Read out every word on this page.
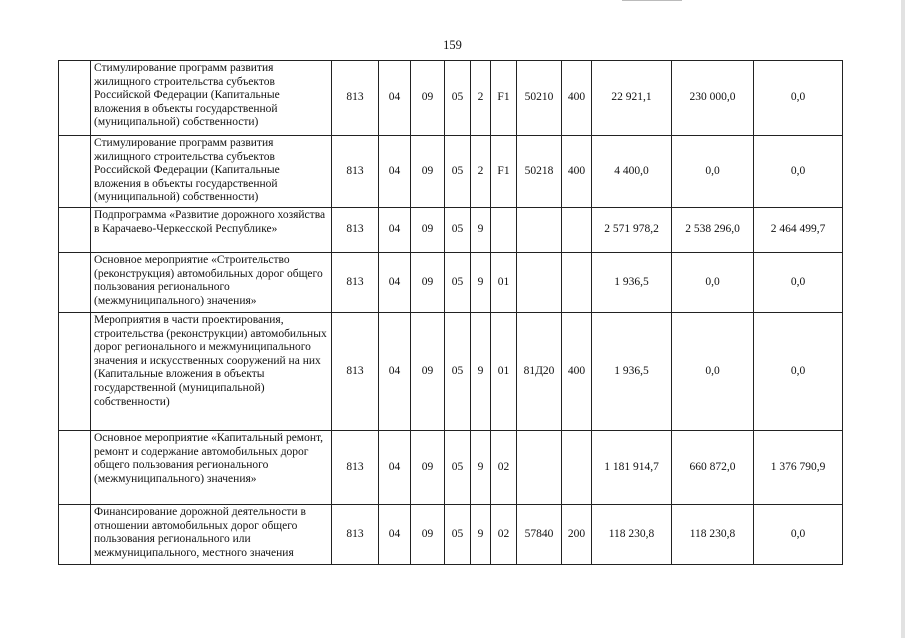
159
	Стимулирование программ развития жилищного строительства субъектов Российской Федерации (Капитальные вложения в объекты государственной (муниципальной) собственности)	813	04	09	05	2	F1	50210	400	22 921,1	230 000,0	0,0
	Стимулирование программ развития жилищного строительства субъектов Российской Федерации (Капитальные вложения в объекты государственной (муниципальной) собственности)	813	04	09	05	2	F1	50218	400	4 400,0	0,0	0,0
	Подпрограмма «Развитие дорожного хозяйства в Карачаево-Черкесской Республике»	813	04	09	05	9				2 571 978,2	2 538 296,0	2 464 499,7
	Основное мероприятие «Строительство (реконструкция) автомобильных дорог общего пользования регионального (межмуниципального) значения»	813	04	09	05	9	01			1 936,5	0,0	0,0
	Мероприятия в части проектирования, строительства (реконструкции) автомобильных дорог регионального и межмуниципального значения и искусственных сооружений на них (Капитальные вложения в объекты государственной (муниципальной) собственности)	813	04	09	05	9	01	81Д20	400	1 936,5	0,0	0,0
	Основное мероприятие «Капитальный ремонт, ремонт и содержание автомобильных дорог общего пользования регионального (межмуниципального) значения»	813	04	09	05	9	02			1 181 914,7	660 872,0	1 376 790,9
	Финансирование дорожной деятельности в отношении автомобильных дорог общего пользования регионального или межмуниципального, местного значения	813	04	09	05	9	02	57840	200	118 230,8	118 230,8	0,0
